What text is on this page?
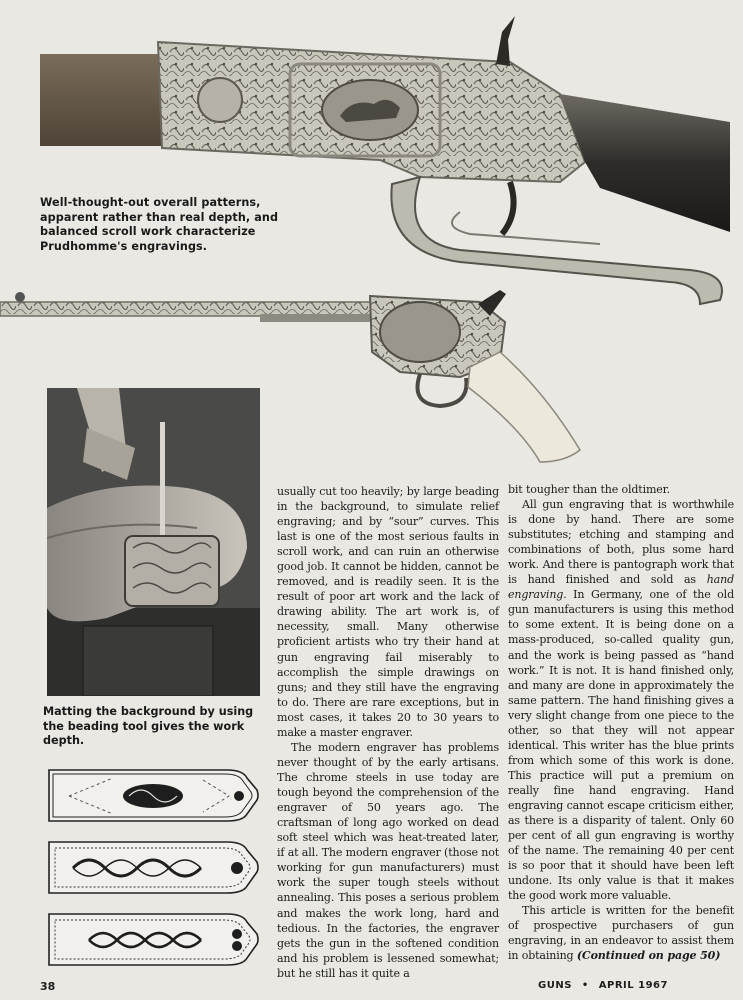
Well-thought-out overall patterns, apparent rather than real depth, and balanced scroll work characterize Prudhomme's engravings.
Matting the background by using the beading tool gives the work depth.

usually cut too heavily; by large beading in the background, to simulate relief engraving; and by “sour” curves. This last is one of the most serious faults in scroll work, and can ruin an otherwise good job. It cannot be hidden, cannot be removed, and is readily seen. It is the result of poor art work and the lack of drawing ability. The art work is, of necessity, small. Many otherwise proficient artists who try their hand at gun engraving fail miserably to accomplish the simple drawings on guns; and they still have the engraving to do. There are rare exceptions, but in most cases, it takes 20 to 30 years to make a master engraver.

The modern engraver has problems never thought of by the early artisans. The chrome steels in use today are tough beyond the comprehension of the engraver of 50 years ago. The craftsman of long ago worked on dead soft steel which was heat-treated later, if at all. The modern engraver (those not working for gun manufacturers) must work the super tough steels without annealing. This poses a serious problem and makes the work long, hard and tedious. In the factories, the engraver gets the gun in the softened condition and his problem is lessened somewhat; but he still has it quite a

bit tougher than the oldtimer.

All gun engraving that is worthwhile is done by hand. There are some substitutes; etching and stamping and combinations of both, plus some hard work. And there is pantograph work that is hand finished and sold as hand engraving. In Germany, one of the old gun manufacturers is using this method to some extent. It is being done on a mass-produced, so-called quality gun, and the work is being passed as “hand work.” It is not. It is hand finished only, and many are done in approximately the same pattern. The hand finishing gives a very slight change from one piece to the other, so that they will not appear identical. This writer has the blue prints from which some of this work is done. This practice will put a premium on really fine hand engraving. Hand engraving cannot escape criticism either, as there is a disparity of talent. Only 60 per cent of all gun engraving is worthy of the name. The remaining 40 per cent is so poor that it should have been left undone. Its only value is that it makes the good work more valuable.

This article is written for the benefit of prospective purchasers of gun engraving, in an endeavor to assist them in obtaining (Continued on page 50)

38	GUNS • APRIL 1967
